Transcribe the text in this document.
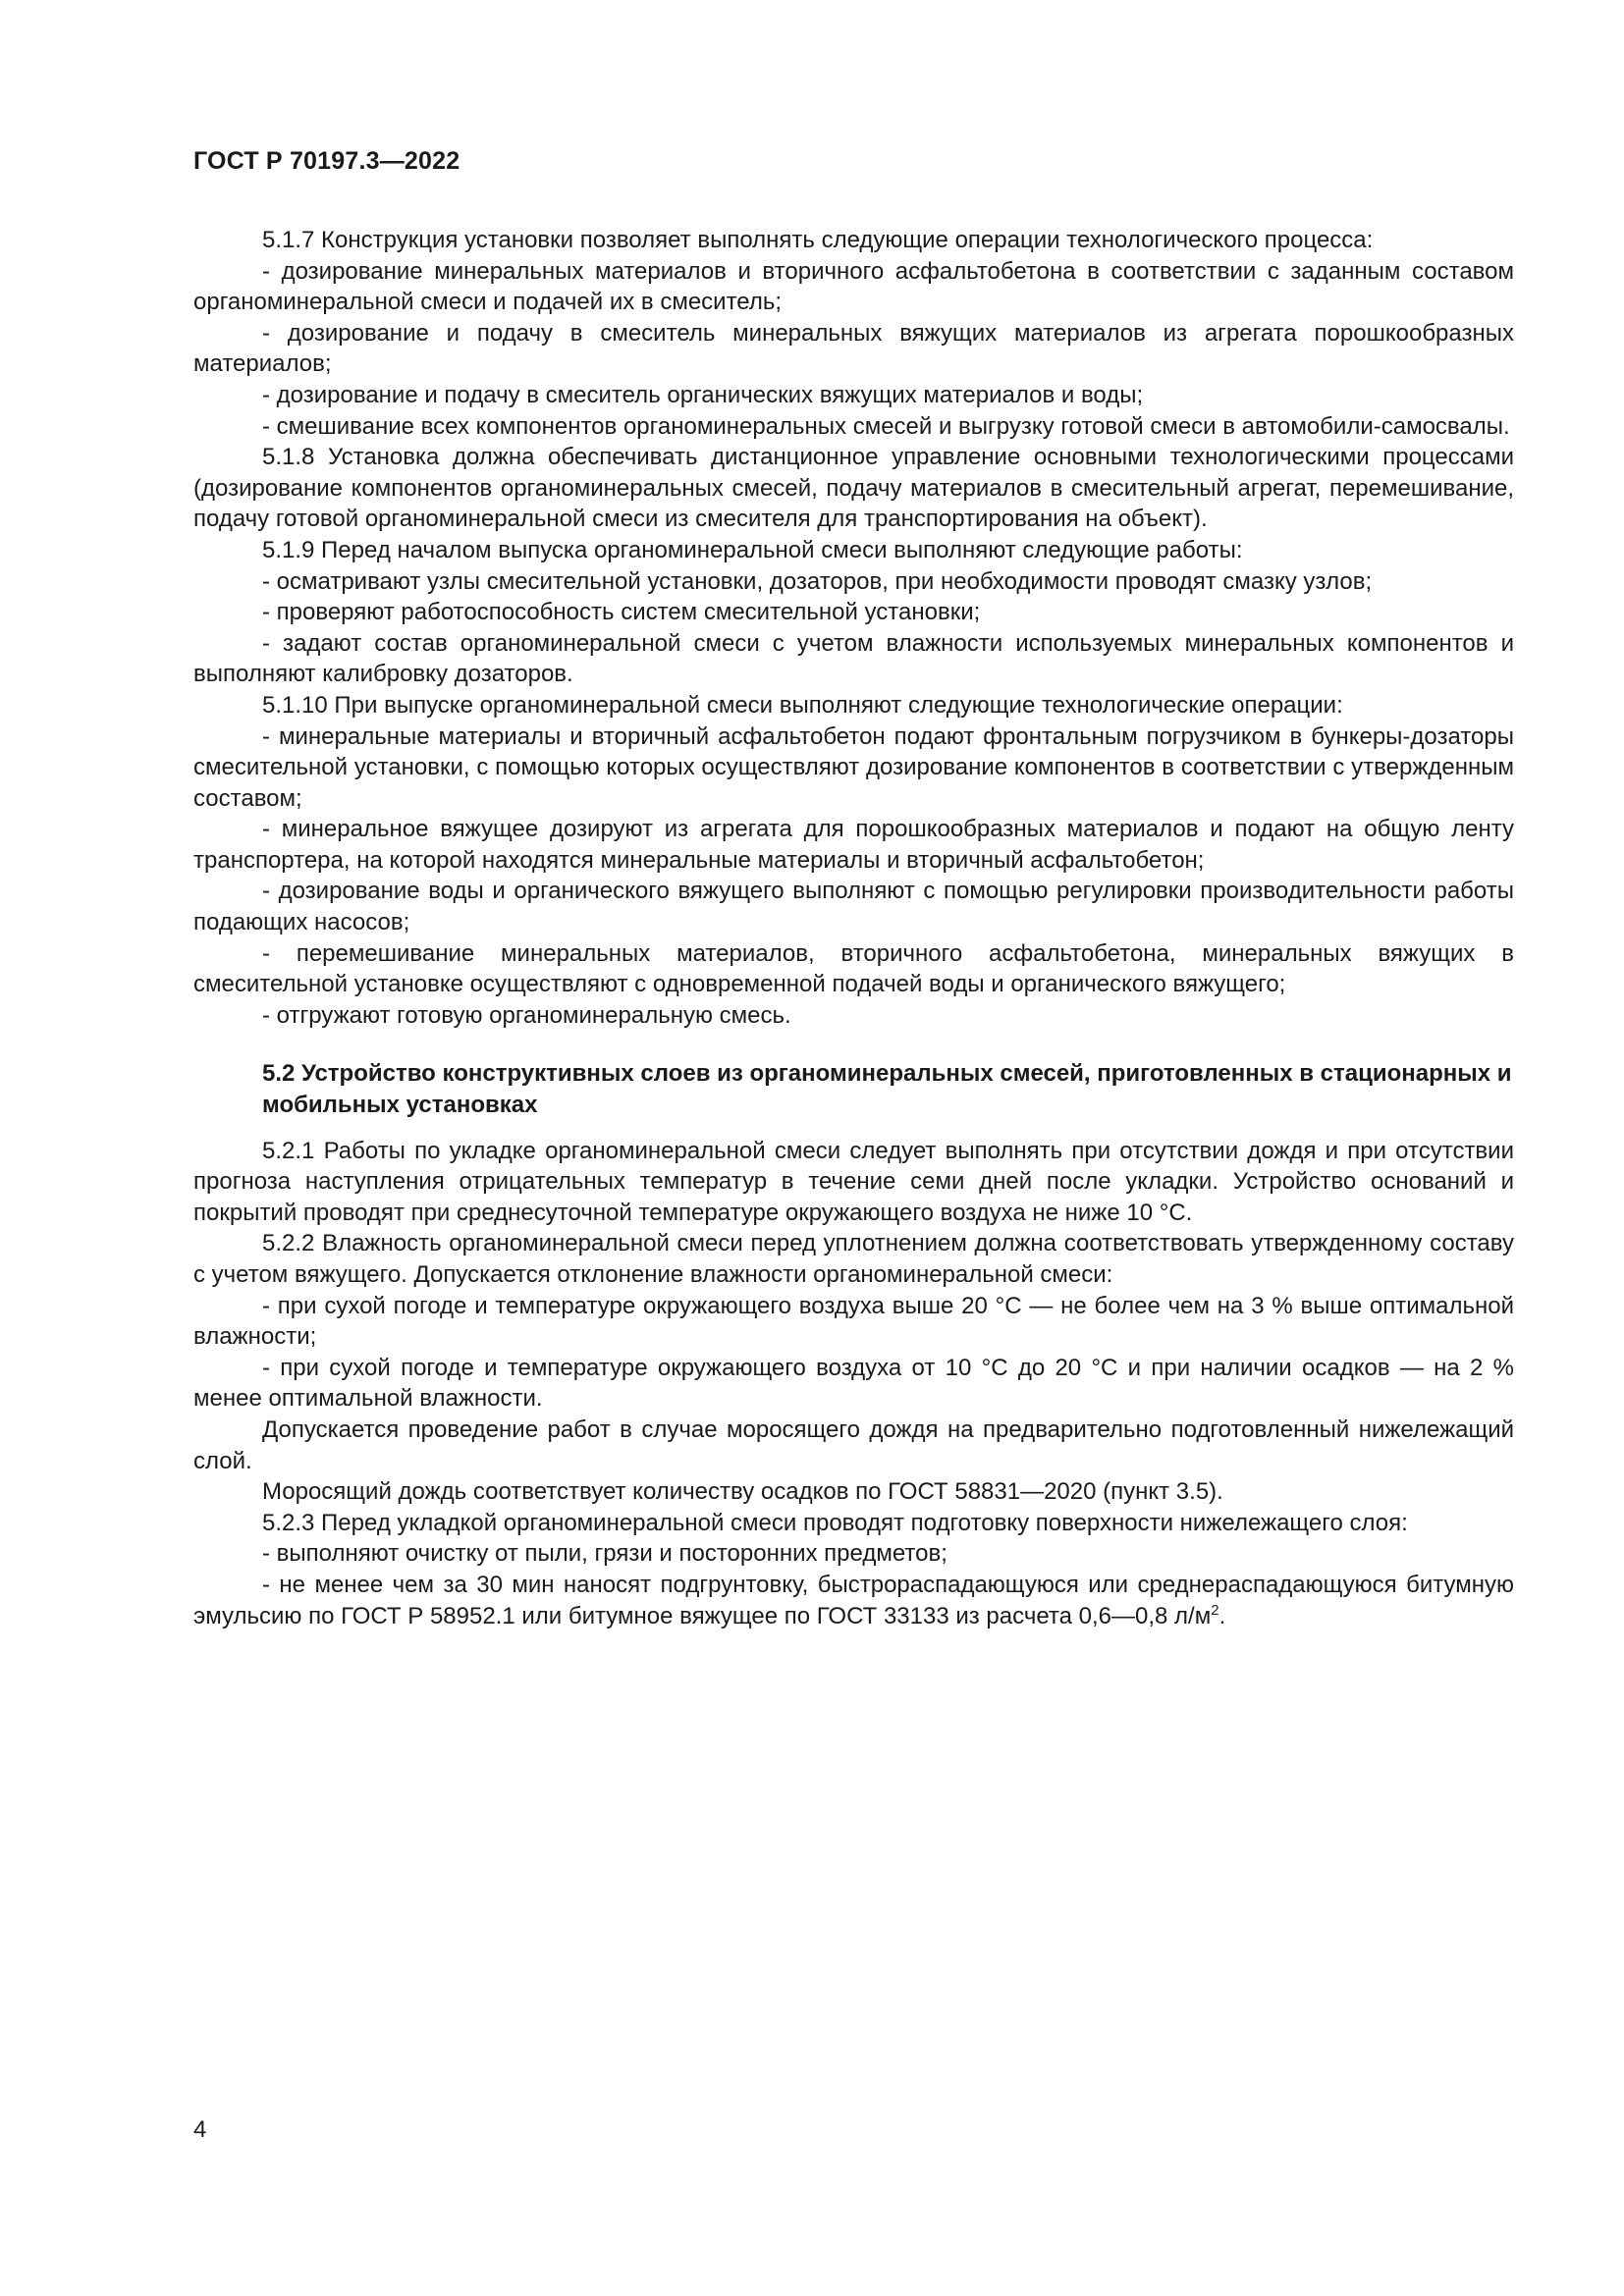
ГОСТ Р 70197.3—2022

5.1.7 Конструкция установки позволяет выполнять следующие операции технологического процесса:

- дозирование минеральных материалов и вторичного асфальтобетона в соответствии с заданным составом органоминеральной смеси и подачей их в смеситель;

- дозирование и подачу в смеситель минеральных вяжущих материалов из агрегата порошкообразных материалов;

- дозирование и подачу в смеситель органических вяжущих материалов и воды;

- смешивание всех компонентов органоминеральных смесей и выгрузку готовой смеси в автомобили-самосвалы.

5.1.8 Установка должна обеспечивать дистанционное управление основными технологическими процессами (дозирование компонентов органоминеральных смесей, подачу материалов в смесительный агрегат, перемешивание, подачу готовой органоминеральной смеси из смесителя для транспортирования на объект).

5.1.9 Перед началом выпуска органоминеральной смеси выполняют следующие работы:

- осматривают узлы смесительной установки, дозаторов, при необходимости проводят смазку узлов;

- проверяют работоспособность систем смесительной установки;

- задают состав органоминеральной смеси с учетом влажности используемых минеральных компонентов и выполняют калибровку дозаторов.

5.1.10 При выпуске органоминеральной смеси выполняют следующие технологические операции:

- минеральные материалы и вторичный асфальтобетон подают фронтальным погрузчиком в бункеры-дозаторы смесительной установки, с помощью которых осуществляют дозирование компонентов в соответствии с утвержденным составом;

- минеральное вяжущее дозируют из агрегата для порошкообразных материалов и подают на общую ленту транспортера, на которой находятся минеральные материалы и вторичный асфальтобетон;

- дозирование воды и органического вяжущего выполняют с помощью регулировки производительности работы подающих насосов;

- перемешивание минеральных материалов, вторичного асфальтобетона, минеральных вяжущих в смесительной установке осуществляют с одновременной подачей воды и органического вяжущего;

- отгружают готовую органоминеральную смесь.

5.2 Устройство конструктивных слоев из органоминеральных смесей, приготовленных в стационарных и мобильных установках

5.2.1 Работы по укладке органоминеральной смеси следует выполнять при отсутствии дождя и при отсутствии прогноза наступления отрицательных температур в течение семи дней после укладки. Устройство оснований и покрытий проводят при среднесуточной температуре окружающего воздуха не ниже 10 °С.

5.2.2 Влажность органоминеральной смеси перед уплотнением должна соответствовать утвержденному составу с учетом вяжущего. Допускается отклонение влажности органоминеральной смеси:

- при сухой погоде и температуре окружающего воздуха выше 20 °С — не более чем на 3 % выше оптимальной влажности;

- при сухой погоде и температуре окружающего воздуха от 10 °С до 20 °С и при наличии осадков — на 2 % менее оптимальной влажности.

Допускается проведение работ в случае моросящего дождя на предварительно подготовленный нижележащий слой.

Моросящий дождь соответствует количеству осадков по ГОСТ 58831—2020 (пункт 3.5).

5.2.3 Перед укладкой органоминеральной смеси проводят подготовку поверхности нижележащего слоя:

- выполняют очистку от пыли, грязи и посторонних предметов;

- не менее чем за 30 мин наносят подгрунтовку, быстрораспадающуюся или среднераспадающуюся битумную эмульсию по ГОСТ Р 58952.1 или битумное вяжущее по ГОСТ 33133 из расчета 0,6—0,8 $л/м^2$.

4
